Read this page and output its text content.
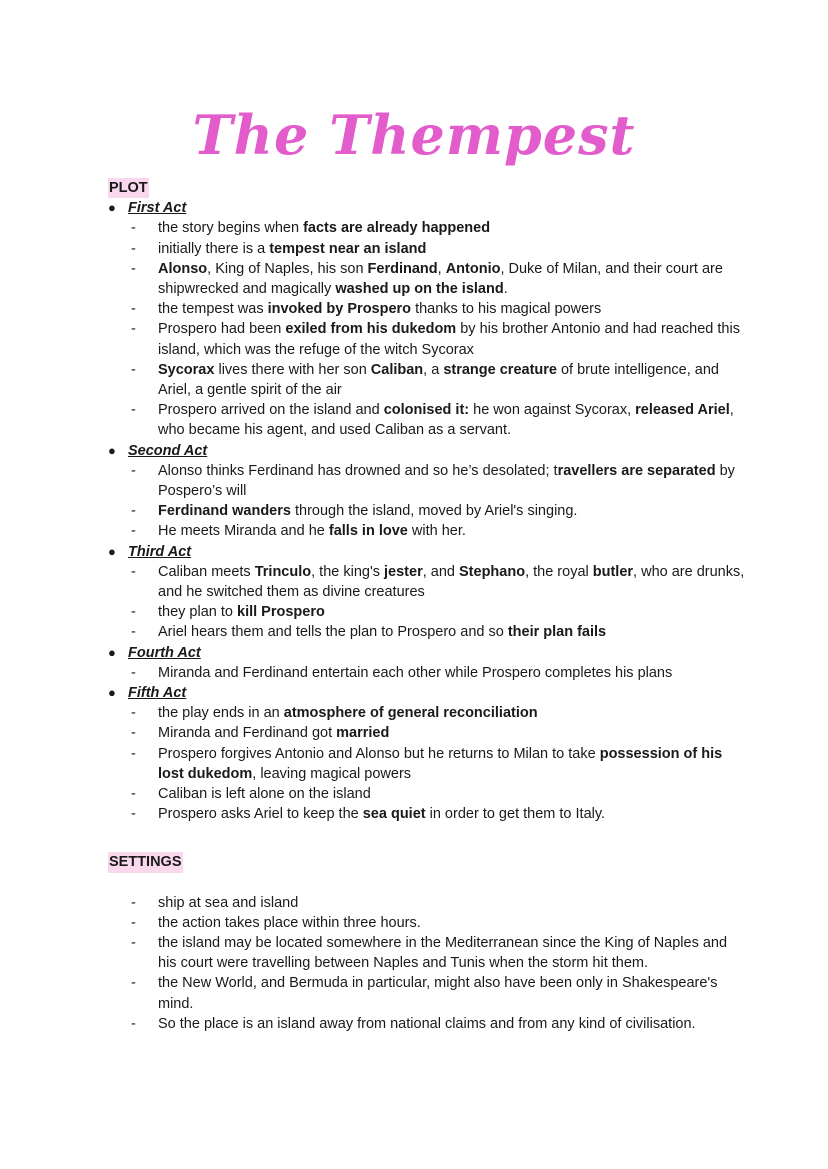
The Thempest
PLOT
● First Act
- the story begins when facts are already happened
- initially there is a tempest near an island
- Alonso, King of Naples, his son Ferdinand, Antonio, Duke of Milan, and their court are shipwrecked and magically washed up on the island.
- the tempest was invoked by Prospero thanks to his magical powers
- Prospero had been exiled from his dukedom by his brother Antonio and had reached this island, which was the refuge of the witch Sycorax
- Sycorax lives there with her son Caliban, a strange creature of brute intelligence, and Ariel, a gentle spirit of the air
- Prospero arrived on the island and colonised it: he won against Sycorax, released Ariel, who became his agent, and used Caliban as a servant.
● Second Act
- Alonso thinks Ferdinand has drowned and so he’s desolated; travellers are separated by Pospero’s will
- Ferdinand wanders through the island, moved by Ariel's singing.
- He meets Miranda and he falls in love with her.
● Third Act
- Caliban meets Trinculo, the king's jester, and Stephano, the royal butler, who are drunks, and he switched them as divine creatures
- they plan to kill Prospero
- Ariel hears them and tells the plan to Prospero and so their plan fails
● Fourth Act
- Miranda and Ferdinand entertain each other while Prospero completes his plans
● Fifth Act
- the play ends in an atmosphere of general reconciliation
- Miranda and Ferdinand got married
- Prospero forgives Antonio and Alonso but he returns to Milan to take possession of his lost dukedom, leaving magical powers
- Caliban is left alone on the island
- Prospero asks Ariel to keep the sea quiet in order to get them to Italy.
SETTINGS
- ship at sea and island
- the action takes place within three hours.
- the island may be located somewhere in the Mediterranean since the King of Naples and his court were travelling between Naples and Tunis when the storm hit them.
- the New World, and Bermuda in particular, might also have been only in Shakespeare's mind.
- So the place is an island away from national claims and from any kind of civilisation.
